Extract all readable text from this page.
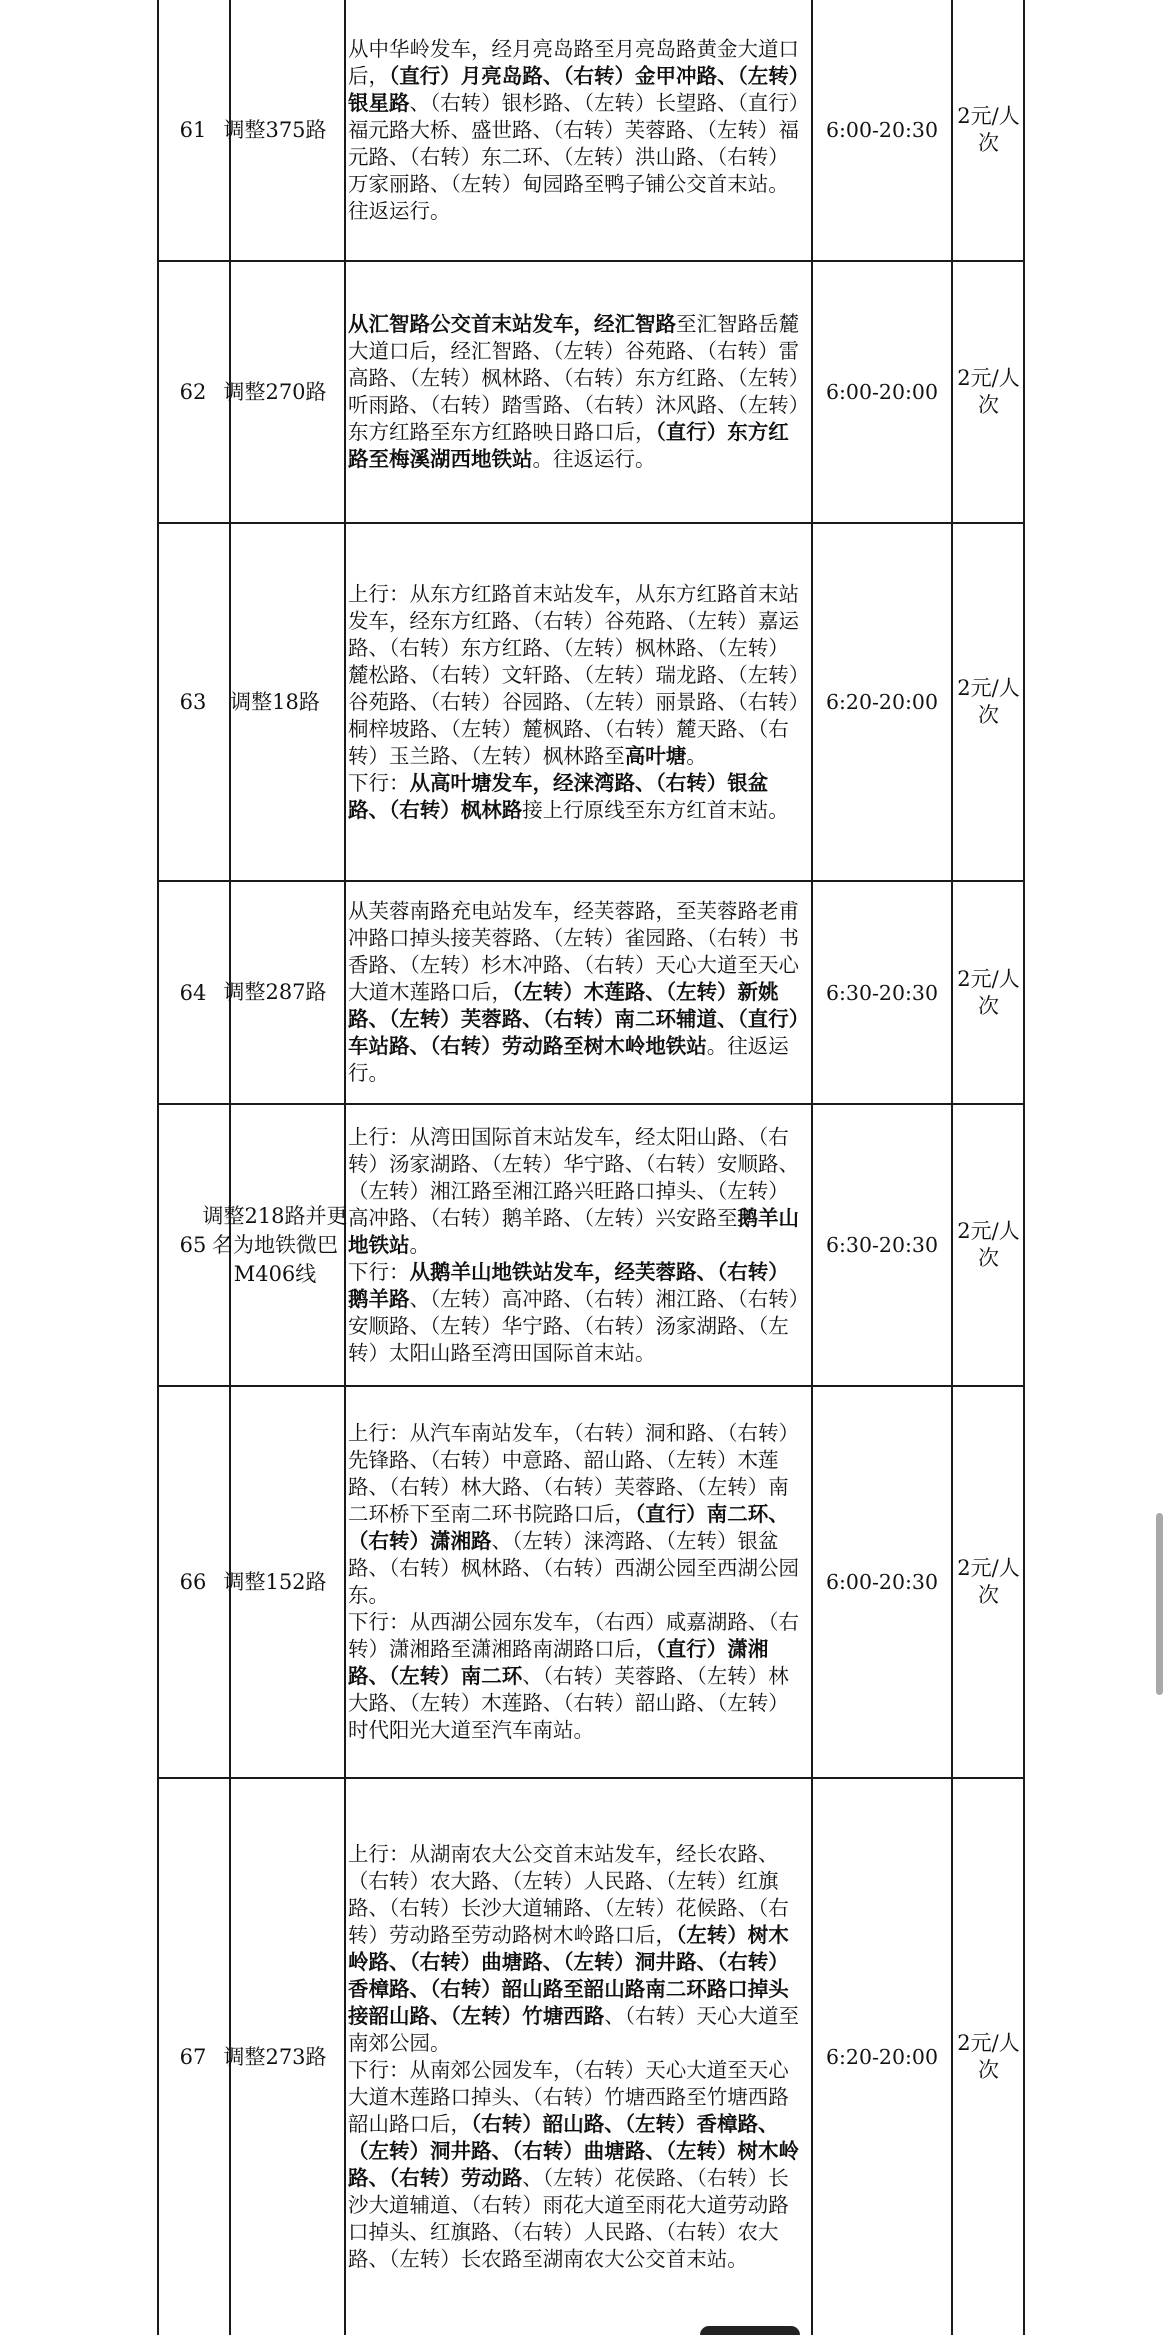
61 调整375路
从中华岭发车，经月亮岛路至月亮岛路黄金大道口后，（直行）月亮岛路、（右转）金甲冲路、（左转）银星路、（右转）银杉路、（左转）长望路、（直行）福元路大桥、盛世路、（右转）芙蓉路、（左转）福元路、（右转）东二环、（左转）洪山路、（右转）万家丽路、（左转）甸园路至鸭子铺公交首末站。往返运行。
6:00-20:30
2元/人次
62 调整270路
从汇智路公交首末站发车，经汇智路至汇智路岳麓大道口后，经汇智路、（左转）谷苑路、（右转）雷高路、（左转）枫林路、（右转）东方红路、（左转）听雨路、（右转）踏雪路、（右转）沐风路、（左转）东方红路至东方红路映日路口后，（直行）东方红路至梅溪湖西地铁站。往返运行。
6:00-20:00
2元/人次
63	调整18路
上行：从东方红路首末站发车，从东方红路首末站发车，经东方红路、（右转）谷苑路、（左转）嘉运路、（右转）东方红路、（左转）枫林路、（左转）麓松路、（右转）文轩路、（左转）瑞龙路、（左转）谷苑路、（右转）谷园路、（左转）丽景路、（右转）桐梓坡路、（左转）麓枫路、（右转）麓天路、（右转）玉兰路、（左转）枫林路至高叶塘。
下行：从高叶塘发车，经涞湾路、（右转）银盆路、（右转）枫林路接上行原线至东方红首末站。
6:20-20:00
2元/人次
64 调整287路
从芙蓉南路充电站发车，经芙蓉路，至芙蓉路老甫冲路口掉头接芙蓉路、（左转）雀园路、（右转）书香路、（左转）杉木冲路、（右转）天心大道至天心大道木莲路口后，（左转）木莲路、（左转）新姚路、（左转）芙蓉路、（右转）南二环辅道、（直行）车站路、（右转）劳动路至树木岭地铁站。往返运行。
6:30-20:30
2元/人次
65
调整218路并更名为地铁微巴M406线
上行：从湾田国际首末站发车，经太阳山路、（右转）汤家湖路、（左转）华宁路、（右转）安顺路、（左转）湘江路至湘江路兴旺路口掉头、（左转）高冲路、（右转）鹅羊路、（左转）兴安路至鹅羊山地铁站。
下行：从鹅羊山地铁站发车，经芙蓉路、（右转）鹅羊路、（左转）高冲路、（右转）湘江路、（右转）安顺路、（左转）华宁路、（右转）汤家湖路、（左转）太阳山路至湾田国际首末站。
6:30-20:30
2元/人次
66 调整152路
上行：从汽车南站发车，（右转）洞和路、（右转）先锋路、（右转）中意路、韶山路、（左转）木莲路、（右转）林大路、（右转）芙蓉路、（左转）南二环桥下至南二环书院路口后，（直行）南二环、（右转）潇湘路、（左转）涞湾路、（左转）银盆路、（右转）枫林路、（右转）西湖公园至西湖公园东。
下行：从西湖公园东发车，（右西）咸嘉湖路、（右转）潇湘路至潇湘路南湖路口后，（直行）潇湘路、（左转）南二环、（右转）芙蓉路、（左转）林大路、（左转）木莲路、（右转）韶山路、（左转）时代阳光大道至汽车南站。
6:00-20:30
2元/人次
67 调整273路
上行：从湖南农大公交首末站发车，经长农路、（右转）农大路、（左转）人民路、（左转）红旗路、（右转）长沙大道辅路、（左转）花候路、（右转）劳动路至劳动路树木岭路口后，（左转）树木岭路、（右转）曲塘路、（左转）洞井路、（右转）香樟路、（右转）韶山路至韶山路南二环路口掉头接韶山路、（左转）竹塘西路、（右转）天心大道至南郊公园。
下行：从南郊公园发车，（右转）天心大道至天心大道木莲路口掉头、（右转）竹塘西路至竹塘西路韶山路口后，（右转）韶山路、（左转）香樟路、（左转）洞井路、（右转）曲塘路、（左转）树木岭路、（右转）劳动路、（左转）花侯路、（右转）长沙大道辅道、（右转）雨花大道至雨花大道劳动路口掉头、红旗路、（右转）人民路、（右转）农大路、（左转）长农路至湖南农大公交首末站。
6:20-20:00
2元/人次
